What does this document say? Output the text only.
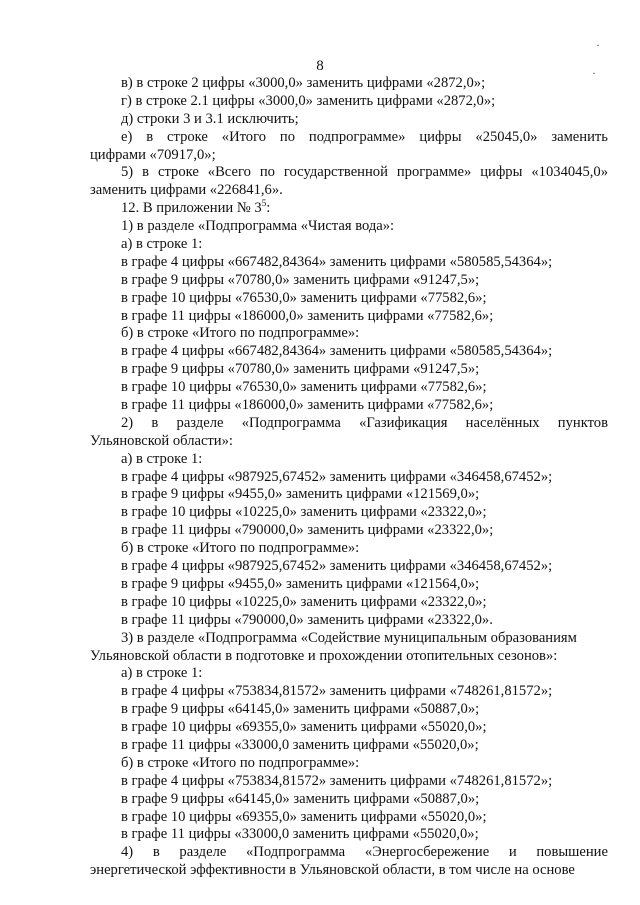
8
·
·
в) в строке 2 цифры «3000,0» заменить цифрами «2872,0»;
г) в строке 2.1 цифры «3000,0» заменить цифрами «2872,0»;
д) строки 3 и 3.1 исключить;
е) в строке «Итого по подпрограмме» цифры «25045,0» заменить
цифрами «70917,0»;
5) в строке «Всего по государственной программе» цифры «1034045,0»
заменить цифрами «226841,6».
12. В приложении № $3^5$:
1) в разделе «Подпрограмма «Чистая вода»:
а) в строке 1:
в графе 4 цифры «667482,84364» заменить цифрами «580585,54364»;
в графе 9 цифры «70780,0» заменить цифрами «91247,5»;
в графе 10 цифры «76530,0» заменить цифрами «77582,6»;
в графе 11 цифры «186000,0» заменить цифрами «77582,6»;
б) в строке «Итого по подпрограмме»:
в графе 4 цифры «667482,84364» заменить цифрами «580585,54364»;
в графе 9 цифры «70780,0» заменить цифрами «91247,5»;
в графе 10 цифры «76530,0» заменить цифрами «77582,6»;
в графе 11 цифры «186000,0» заменить цифрами «77582,6»;
2) в разделе «Подпрограмма «Газификация населённых пунктов
Ульяновской области»:
а) в строке 1:
в графе 4 цифры «987925,67452» заменить цифрами «346458,67452»;
в графе 9 цифры «9455,0» заменить цифрами «121569,0»;
в графе 10 цифры «10225,0» заменить цифрами «23322,0»;
в графе 11 цифры «790000,0» заменить цифрами «23322,0»;
б) в строке «Итого по подпрограмме»:
в графе 4 цифры «987925,67452» заменить цифрами «346458,67452»;
в графе 9 цифры «9455,0» заменить цифрами «121564,0»;
в графе 10 цифры «10225,0» заменить цифрами «23322,0»;
в графе 11 цифры «790000,0» заменить цифрами «23322,0».
3) в разделе «Подпрограмма «Содействие муниципальным образованиям
Ульяновской области в подготовке и прохождении отопительных сезонов»:
а) в строке 1:
в графе 4 цифры «753834,81572» заменить цифрами «748261,81572»;
в графе 9 цифры «64145,0» заменить цифрами «50887,0»;
в графе 10 цифры «69355,0» заменить цифрами «55020,0»;
в графе 11 цифры «33000,0 заменить цифрами «55020,0»;
б) в строке «Итого по подпрограмме»:
в графе 4 цифры «753834,81572» заменить цифрами «748261,81572»;
в графе 9 цифры «64145,0» заменить цифрами «50887,0»;
в графе 10 цифры «69355,0» заменить цифрами «55020,0»;
в графе 11 цифры «33000,0 заменить цифрами «55020,0»;
4) в разделе «Подпрограмма «Энергосбережение и повышение
энергетической эффективности в Ульяновской области, в том числе на основе
